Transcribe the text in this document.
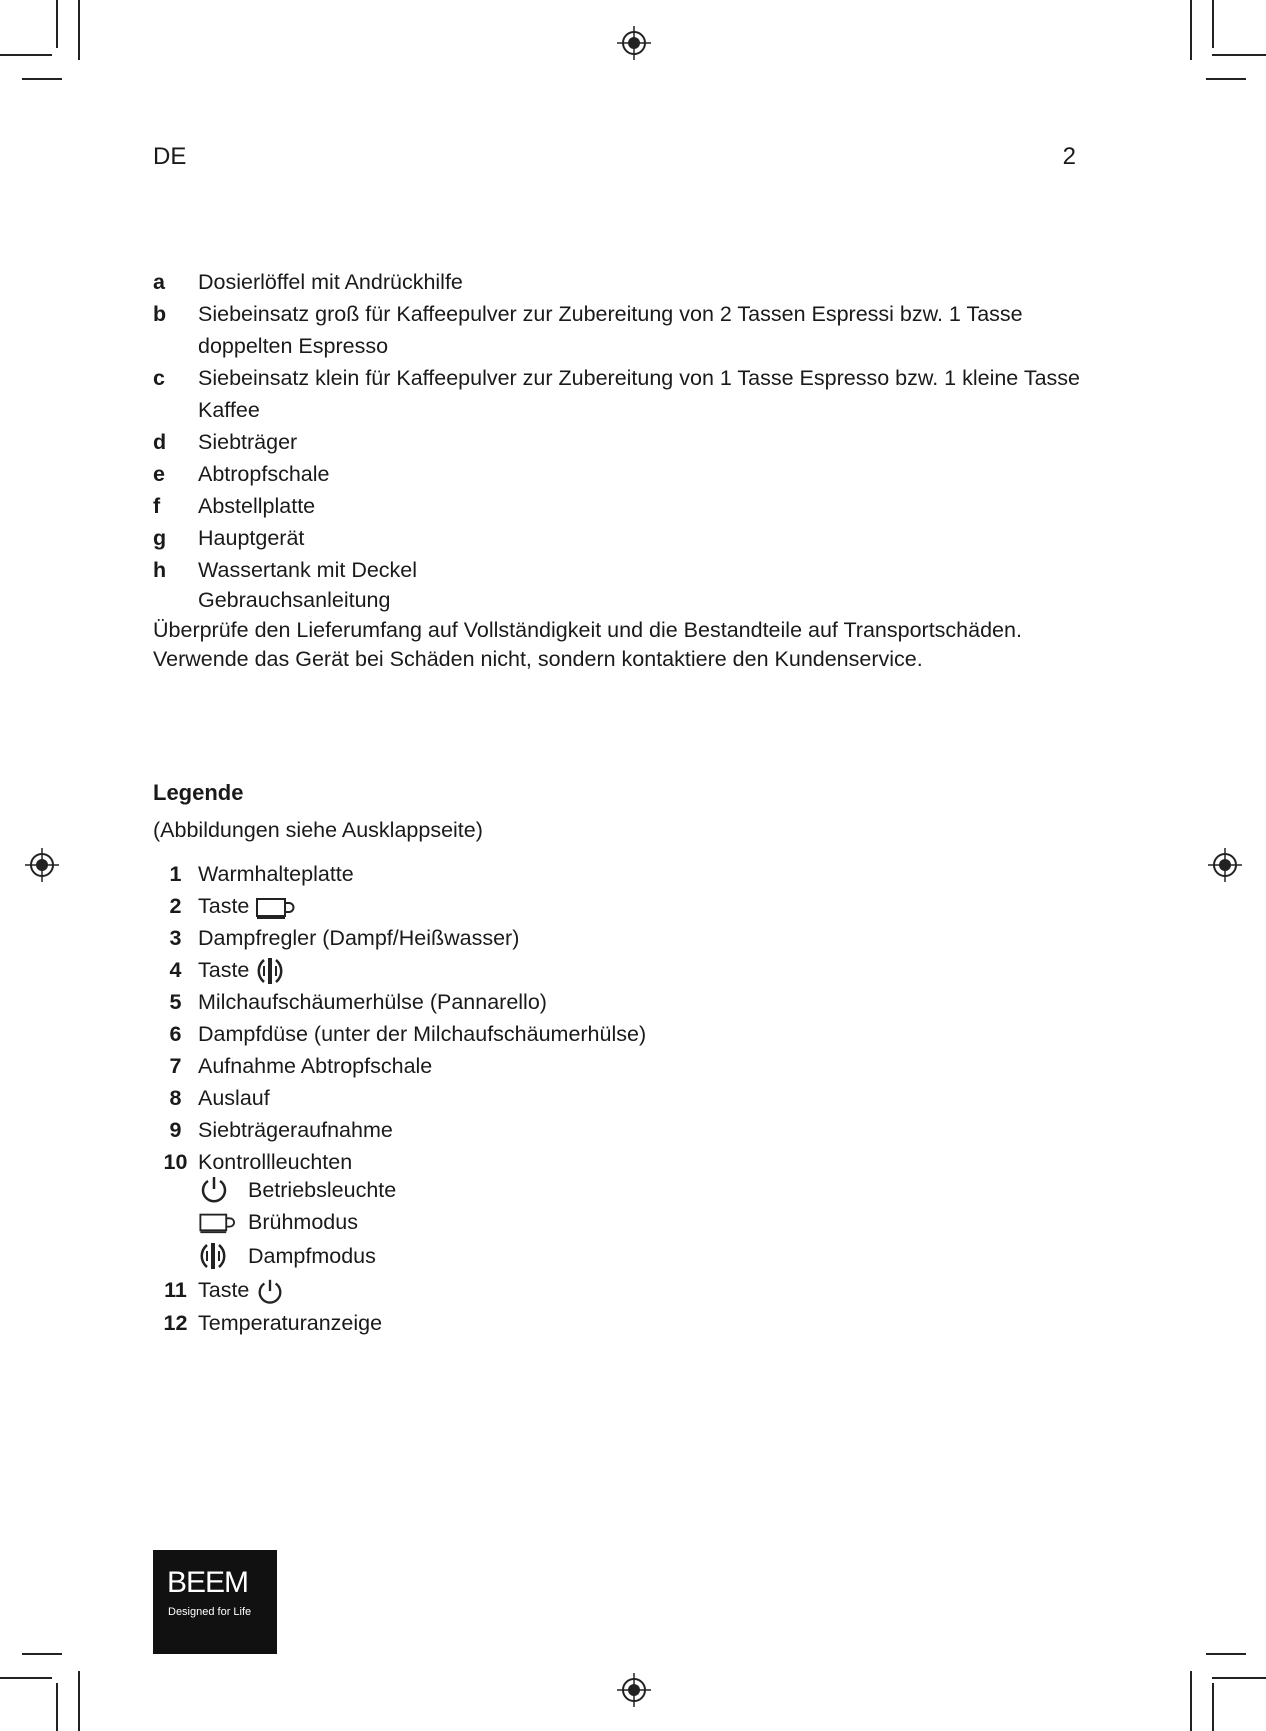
DE	2
a	Dosierlöffel mit Andrückhilfe
b	Siebeinsatz groß für Kaffeepulver zur Zubereitung von 2 Tassen Espressi bzw. 1 Tasse doppelten Espresso
c	Siebeinsatz klein für Kaffeepulver zur Zubereitung von 1 Tasse Espresso bzw. 1 kleine Tasse Kaffee
d	Siebträger
e	Abtropfschale
f	Abstellplatte
g	Hauptgerät
h	Wassertank mit Deckel
Gebrauchsanleitung
Überprüfe den Lieferumfang auf Vollständigkeit und die Bestandteile auf Transportschäden. Verwende das Gerät bei Schäden nicht, sondern kontaktiere den Kundenservice.
Legende
(Abbildungen siehe Ausklappseite)
1 Warmhalteplatte
2 Taste
3 Dampfregler (Dampf/Heißwasser)
4 Taste
5 Milchaufschäumerhülse (Pannarello)
6 Dampfdüse (unter der Milchaufschäumerhülse)
7 Aufnahme Abtropfschale
8 Auslauf
9 Siebträgeraufnahme
10 Kontrollleuchten
Betriebsleuchte
Brühmodus
Dampfmodus
11 Taste
12 Temperaturanzeige
BEEM
Designed for Life
